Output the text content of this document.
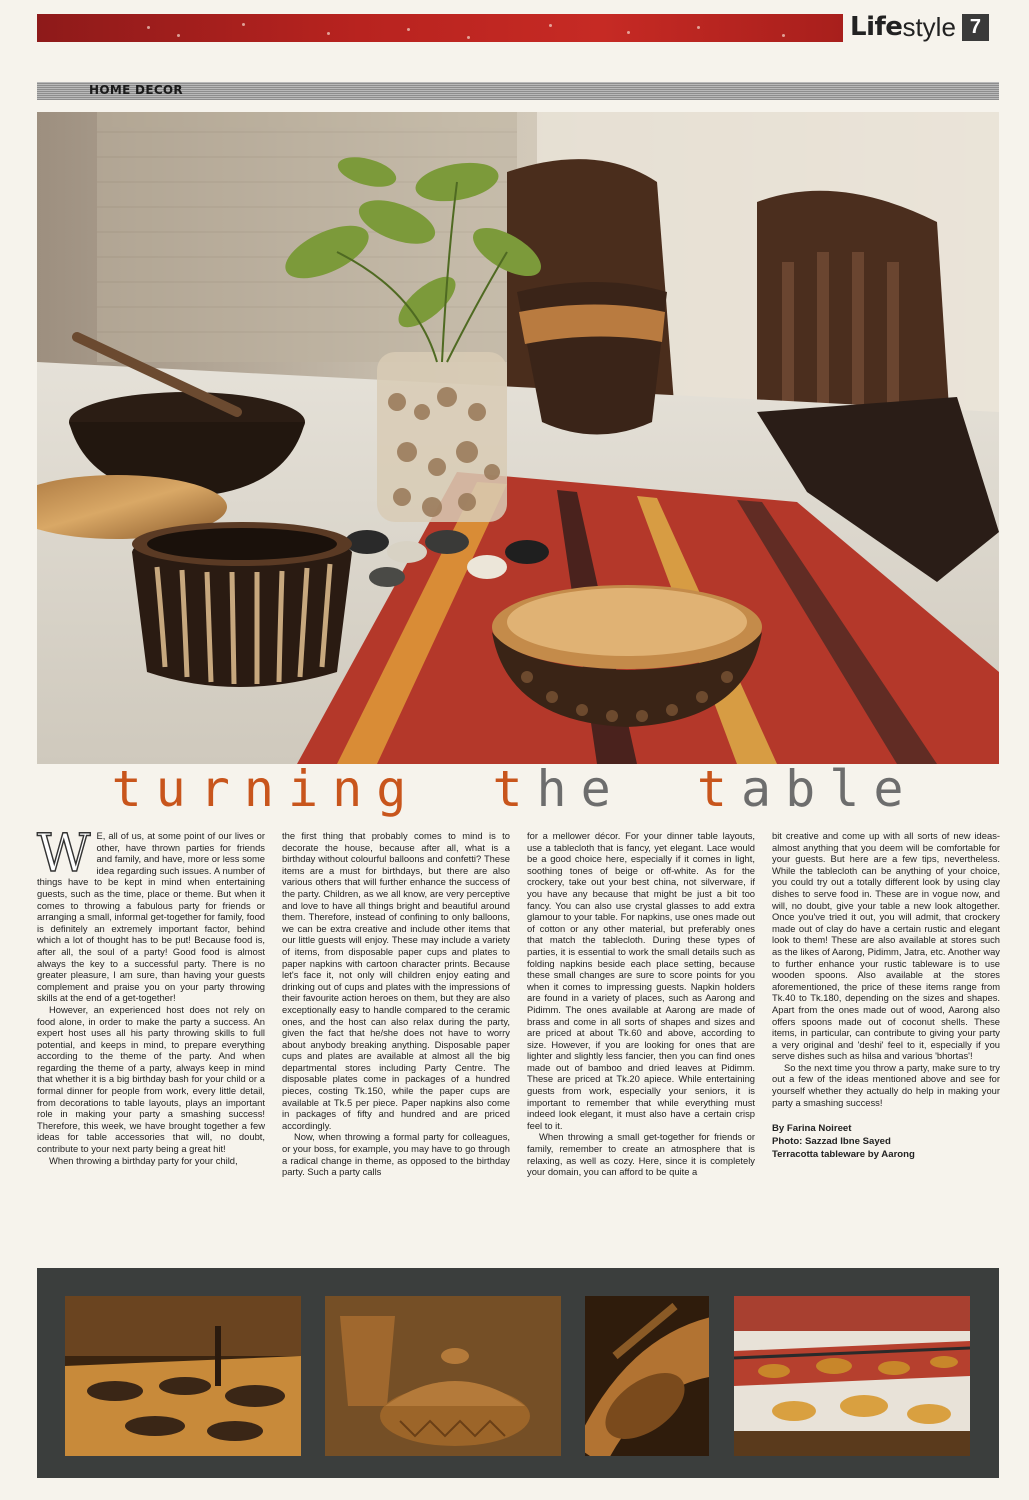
Life style 7
HOME DECOR
turning the table
W E, all of us, at some point of our lives or other, have thrown parties for friends and family, and have, more or less some idea regarding such issues. A number of things have to be kept in mind when entertaining guests, such as the time, place or theme. But when it comes to throwing a fabulous party for friends or arranging a small, informal get-together for family, food is definitely an extremely important factor, behind which a lot of thought has to be put! Because food is, after all, the soul of a party! Good food is almost always the key to a successful party. There is no greater pleasure, I am sure, than having your guests complement and praise you on your party throwing skills at the end of a get-together!

However, an experienced host does not rely on food alone, in order to make the party a success. An expert host uses all his party throwing skills to full potential, and keeps in mind, to prepare everything according to the theme of the party. And when regarding the theme of a party, always keep in mind that whether it is a big birthday bash for your child or a formal dinner for people from work, every little detail, from decorations to table layouts, plays an important role in making your party a smashing success! Therefore, this week, we have brought together a few ideas for table accessories that will, no doubt, contribute to your next party being a great hit!

When throwing a birthday party for your child,

the first thing that probably comes to mind is to decorate the house, because after all, what is a birthday without colourful balloons and confetti? These items are a must for birthdays, but there are also various others that will further enhance the success of the party. Children, as we all know, are very perceptive and love to have all things bright and beautiful around them. Therefore, instead of confining to only balloons, we can be extra creative and include other items that our little guests will enjoy. These may include a variety of items, from disposable paper cups and plates to paper napkins with cartoon character prints. Because let's face it, not only will children enjoy eating and drinking out of cups and plates with the impressions of their favourite action heroes on them, but they are also exceptionally easy to handle compared to the ceramic ones, and the host can also relax during the party, given the fact that he/she does not have to worry about anybody breaking anything. Disposable paper cups and plates are available at almost all the big departmental stores including Party Centre. The disposable plates come in packages of a hundred pieces, costing Tk.150, while the paper cups are available at Tk.5 per piece. Paper napkins also come in packages of fifty and hundred and are priced accordingly.

Now, when throwing a formal party for colleagues, or your boss, for example, you may have to go through a radical change in theme, as opposed to the birthday party. Such a party calls

for a mellower décor. For your dinner table layouts, use a tablecloth that is fancy, yet elegant. Lace would be a good choice here, especially if it comes in light, soothing tones of beige or off-white. As for the crockery, take out your best china, not silverware, if you have any because that might be just a bit too fancy. You can also use crystal glasses to add extra glamour to your table. For napkins, use ones made out of cotton or any other material, but preferably ones that match the tablecloth. During these types of parties, it is essential to work the small details such as folding napkins beside each place setting, because these small changes are sure to score points for you when it comes to impressing guests. Napkin holders are found in a variety of places, such as Aarong and Pidimm. The ones available at Aarong are made of brass and come in all sorts of shapes and sizes and are priced at about Tk.60 and above, according to size. However, if you are looking for ones that are lighter and slightly less fancier, then you can find ones made out of bamboo and dried leaves at Pidimm. These are priced at Tk.20 apiece. While entertaining guests from work, especially your seniors, it is important to remember that while everything must indeed look elegant, it must also have a certain crisp feel to it.

When throwing a small get-together for friends or family, remember to create an atmosphere that is relaxing, as well as cozy. Here, since it is completely your domain, you can afford to be quite a

bit creative and come up with all sorts of new ideas- almost anything that you deem will be comfortable for your guests. But here are a few tips, nevertheless. While the tablecloth can be anything of your choice, you could try out a totally different look by using clay dishes to serve food in. These are in vogue now, and will, no doubt, give your table a new look altogether. Once you've tried it out, you will admit, that crockery made out of clay do have a certain rustic and elegant look to them! These are also available at stores such as the likes of Aarong, Pidimm, Jatra, etc. Another way to further enhance your rustic tableware is to use wooden spoons. Also available at the stores aforementioned, the price of these items range from Tk.40 to Tk.180, depending on the sizes and shapes. Apart from the ones made out of wood, Aarong also offers spoons made out of coconut shells. These items, in particular, can contribute to giving your party a very original and 'deshi' feel to it, especially if you serve dishes such as hilsa and various 'bhortas'!

So the next time you throw a party, make sure to try out a few of the ideas mentioned above and see for yourself whether they actually do help in making your party a smashing success!

By Farina Noireet
Photo: Sazzad Ibne Sayed
Terracotta tableware by Aarong
